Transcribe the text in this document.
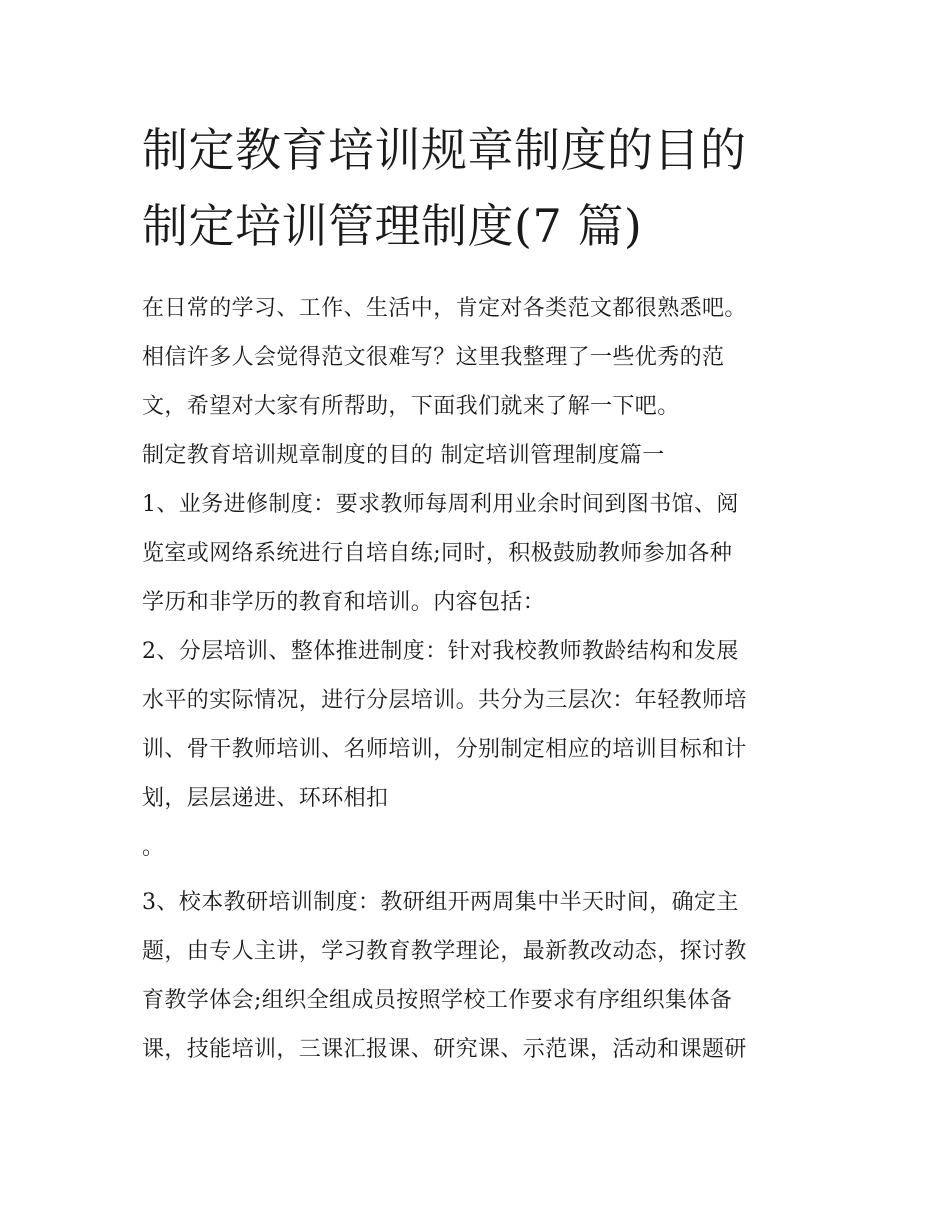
制定教育培训规章制度的目的
制定培训管理制度(7 篇)
在日常的学习、工作、生活中，肯定对各类范文都很熟悉吧。
相信许多人会觉得范文很难写？这里我整理了一些优秀的范
文，希望对大家有所帮助，下面我们就来了解一下吧。
制定教育培训规章制度的目的 制定培训管理制度篇一
1、业务进修制度：要求教师每周利用业余时间到图书馆、阅
览室或网络系统进行自培自练;同时，积极鼓励教师参加各种
学历和非学历的教育和培训。内容包括：
2、分层培训、整体推进制度：针对我校教师教龄结构和发展
水平的实际情况，进行分层培训。共分为三层次：年轻教师培
训、骨干教师培训、名师培训，分别制定相应的培训目标和计
划，层层递进、环环相扣
。
3、校本教研培训制度：教研组开两周集中半天时间，确定主
题，由专人主讲，学习教育教学理论，最新教改动态，探讨教
育教学体会;组织全组成员按照学校工作要求有序组织集体备
课，技能培训，三课汇报课、研究课、示范课，活动和课题研
